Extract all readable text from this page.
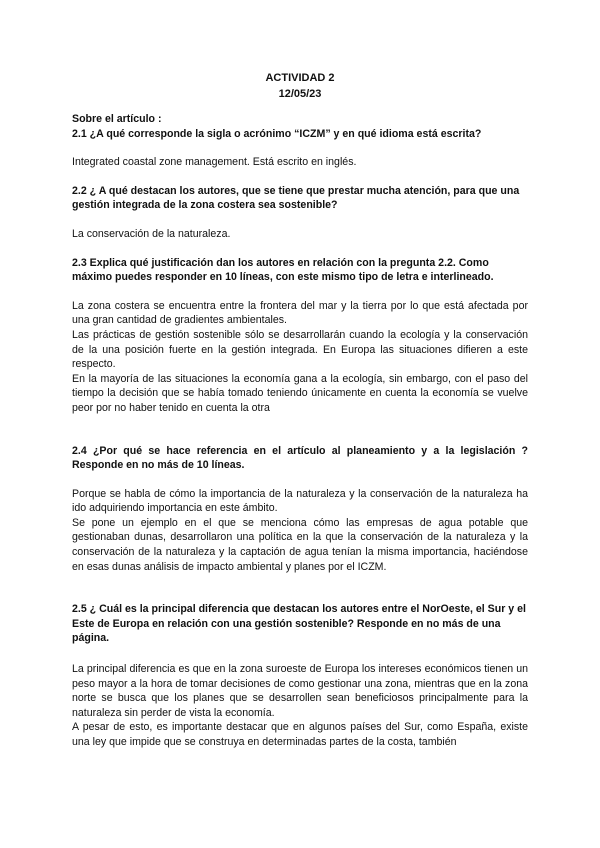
ACTIVIDAD 2
12/05/23
Sobre el artículo :
2.1 ¿A qué corresponde la sigla o acrónimo “ICZM” y en qué idioma está escrita?
Integrated coastal zone management. Está escrito en inglés.
2.2 ¿ A qué destacan los autores, que se tiene que prestar mucha atención, para que una gestión integrada de la zona costera sea sostenible?
La conservación de la naturaleza.
2.3 Explica qué justificación dan los autores en relación con la pregunta 2.2. Como máximo puedes responder en 10 líneas, con este mismo tipo de letra e interlineado.

La zona costera se encuentra entre la frontera del mar y la tierra por lo que está afectada por una gran cantidad de gradientes ambientales.

Las prácticas de gestión sostenible sólo se desarrollarán cuando la ecología y la conservación de la una posición fuerte en la gestión integrada. En Europa las situaciones difieren a este respecto.

En la mayoría de las situaciones la economía gana a la ecología, sin embargo, con el paso del tiempo la decisión que se había tomado teniendo únicamente en cuenta la economía se vuelve peor por no haber tenido en cuenta la otra

2.4 ¿Por qué se hace referencia en el artículo al planeamiento y a la legislación ? Responde en no más de 10 líneas.

Porque se habla de cómo la importancia de la naturaleza y la conservación de la naturaleza ha ido adquiriendo importancia en este ámbito.

Se pone un ejemplo en el que se menciona cómo las empresas de agua potable que gestionaban dunas, desarrollaron una política en la que la conservación de la naturaleza y la conservación de la naturaleza y la captación de agua tenían la misma importancia, haciéndose en esas dunas análisis de impacto ambiental y planes por el ICZM.

2.5 ¿ Cuál es la principal diferencia que destacan los autores entre el NorOeste, el Sur y el Este de Europa en relación con una gestión sostenible? Responde en no más de una página.

La principal diferencia es que en la zona suroeste de Europa los intereses económicos tienen un peso mayor a la hora de tomar decisiones de como gestionar una zona, mientras que en la zona norte se busca que los planes que se desarrollen sean beneficiosos principalmente para la naturaleza sin perder de vista la economía.

A pesar de esto, es importante destacar que en algunos países del Sur, como España, existe una ley que impide que se construya en determinadas partes de la costa, también
